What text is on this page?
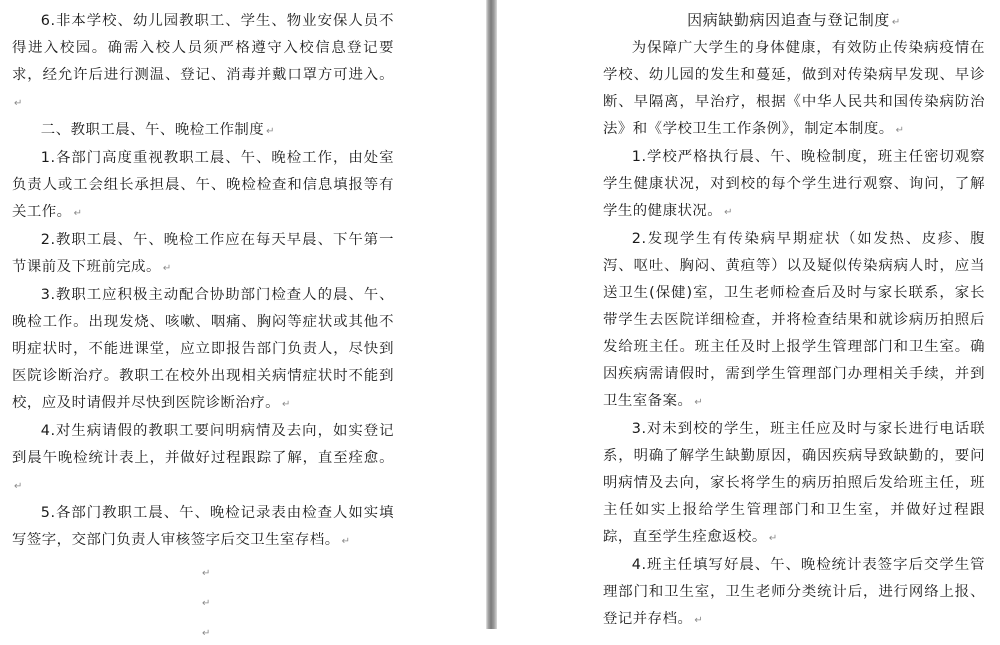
6.非本学校、幼儿园教职工、学生、物业安保人员不得进入校园。确需入校人员须严格遵守入校信息登记要求，经允许后进行测温、登记、消毒并戴口罩方可进入。↵

二、教职工晨、午、晚检工作制度 ↵

1.各部门高度重视教职工晨、午、晚检工作，由处室负责人或工会组长承担晨、午、晚检检查和信息填报等有关工作。 ↵

2.教职工晨、午、晚检工作应在每天早晨、下午第一节课前及下班前完成。 ↵

3.教职工应积极主动配合协助部门检查人的晨、午、晚检工作。出现发烧、咳嗽、咽痛、胸闷等症状或其他不明症状时，不能进课堂，应立即报告部门负责人，尽快到医院诊断治疗。教职工在校外出现相关病情症状时不能到校，应及时请假并尽快到医院诊断治疗。 ↵

4.对生病请假的教职工要问明病情及去向，如实登记到晨午晚检统计表上，并做好过程跟踪了解，直至痊愈。↵

5.各部门教职工晨、午、晚检记录表由检查人如实填写签字，交部门负责人审核签字后交卫生室存档。 ↵

$_↵$
$_↵$
$_↵$

因病缺勤病因追查与登记制度 ↵

为保障广大学生的身体健康，有效防止传染病疫情在学校、幼儿园的发生和蔓延，做到对传染病早发现、早诊断、早隔离，早治疗，根据《中华人民共和国传染病防治法》和《学校卫生工作条例》，制定本制度。 ↵

1.学校严格执行晨、午、晚检制度，班主任密切观察学生健康状况，对到校的每个学生进行观察、询问，了解学生的健康状况。 ↵

2.发现学生有传染病早期症状（如发热、皮疹、腹泻、呕吐、胸闷、黄疸等）以及疑似传染病病人时，应当送卫生(保健)室，卫生老师检查后及时与家长联系，家长带学生去医院详细检查，并将检查结果和就诊病历拍照后发给班主任。班主任及时上报学生管理部门和卫生室。确因疾病需请假时，需到学生管理部门办理相关手续，并到卫生室备案。 ↵

3.对未到校的学生，班主任应及时与家长进行电话联系，明确了解学生缺勤原因，确因疾病导致缺勤的，要问明病情及去向，家长将学生的病历拍照后发给班主任，班主任如实上报给学生管理部门和卫生室，并做好过程跟踪，直至学生痊愈返校。 ↵

4.班主任填写好晨、午、晚检统计表签字后交学生管理部门和卫生室，卫生老师分类统计后，进行网络上报、登记并存档。 ↵
